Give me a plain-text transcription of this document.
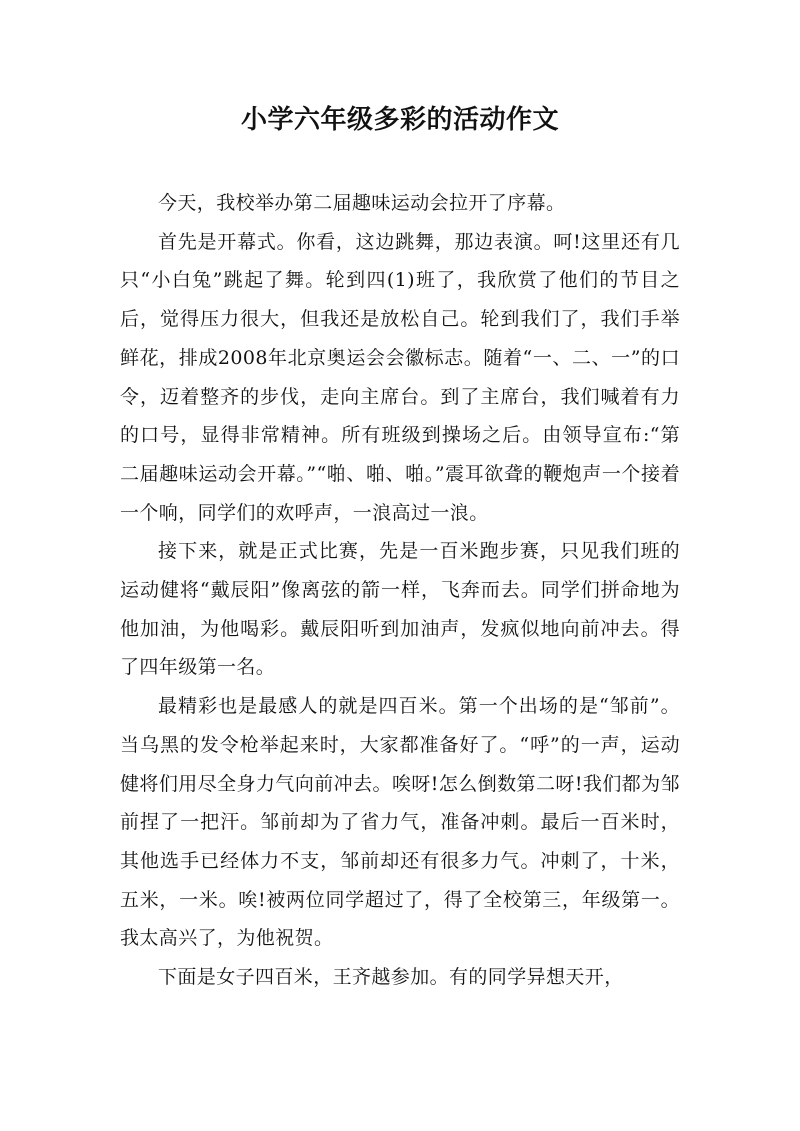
小学六年级多彩的活动作文

今天，我校举办第二届趣味运动会拉开了序幕。

首先是开幕式。你看，这边跳舞，那边表演。呵!这里还有几只“小白兔”跳起了舞。轮到四(1)班了，我欣赏了他们的节目之后，觉得压力很大，但我还是放松自己。轮到我们了，我们手举鲜花，排成2008年北京奥运会会徽标志。随着“一、二、一”的口令，迈着整齐的步伐，走向主席台。到了主席台，我们喊着有力的口号，显得非常精神。所有班级到操场之后。由领导宣布:“第二届趣味运动会开幕。”“啪、啪、啪。”震耳欲聋的鞭炮声一个接着一个响，同学们的欢呼声，一浪高过一浪。

接下来，就是正式比赛，先是一百米跑步赛，只见我们班的运动健将“戴辰阳”像离弦的箭一样，飞奔而去。同学们拼命地为他加油，为他喝彩。戴辰阳听到加油声，发疯似地向前冲去。得了四年级第一名。

最精彩也是最感人的就是四百米。第一个出场的是“邹前”。当乌黑的发令枪举起来时，大家都准备好了。“呼”的一声，运动健将们用尽全身力气向前冲去。唉呀!怎么倒数第二呀!我们都为邹前捏了一把汗。邹前却为了省力气，准备冲刺。最后一百米时，其他选手已经体力不支，邹前却还有很多力气。冲刺了，十米，五米，一米。唉!被两位同学超过了，得了全校第三，年级第一。我太高兴了，为他祝贺。

下面是女子四百米，王齐越参加。有的同学异想天开，
